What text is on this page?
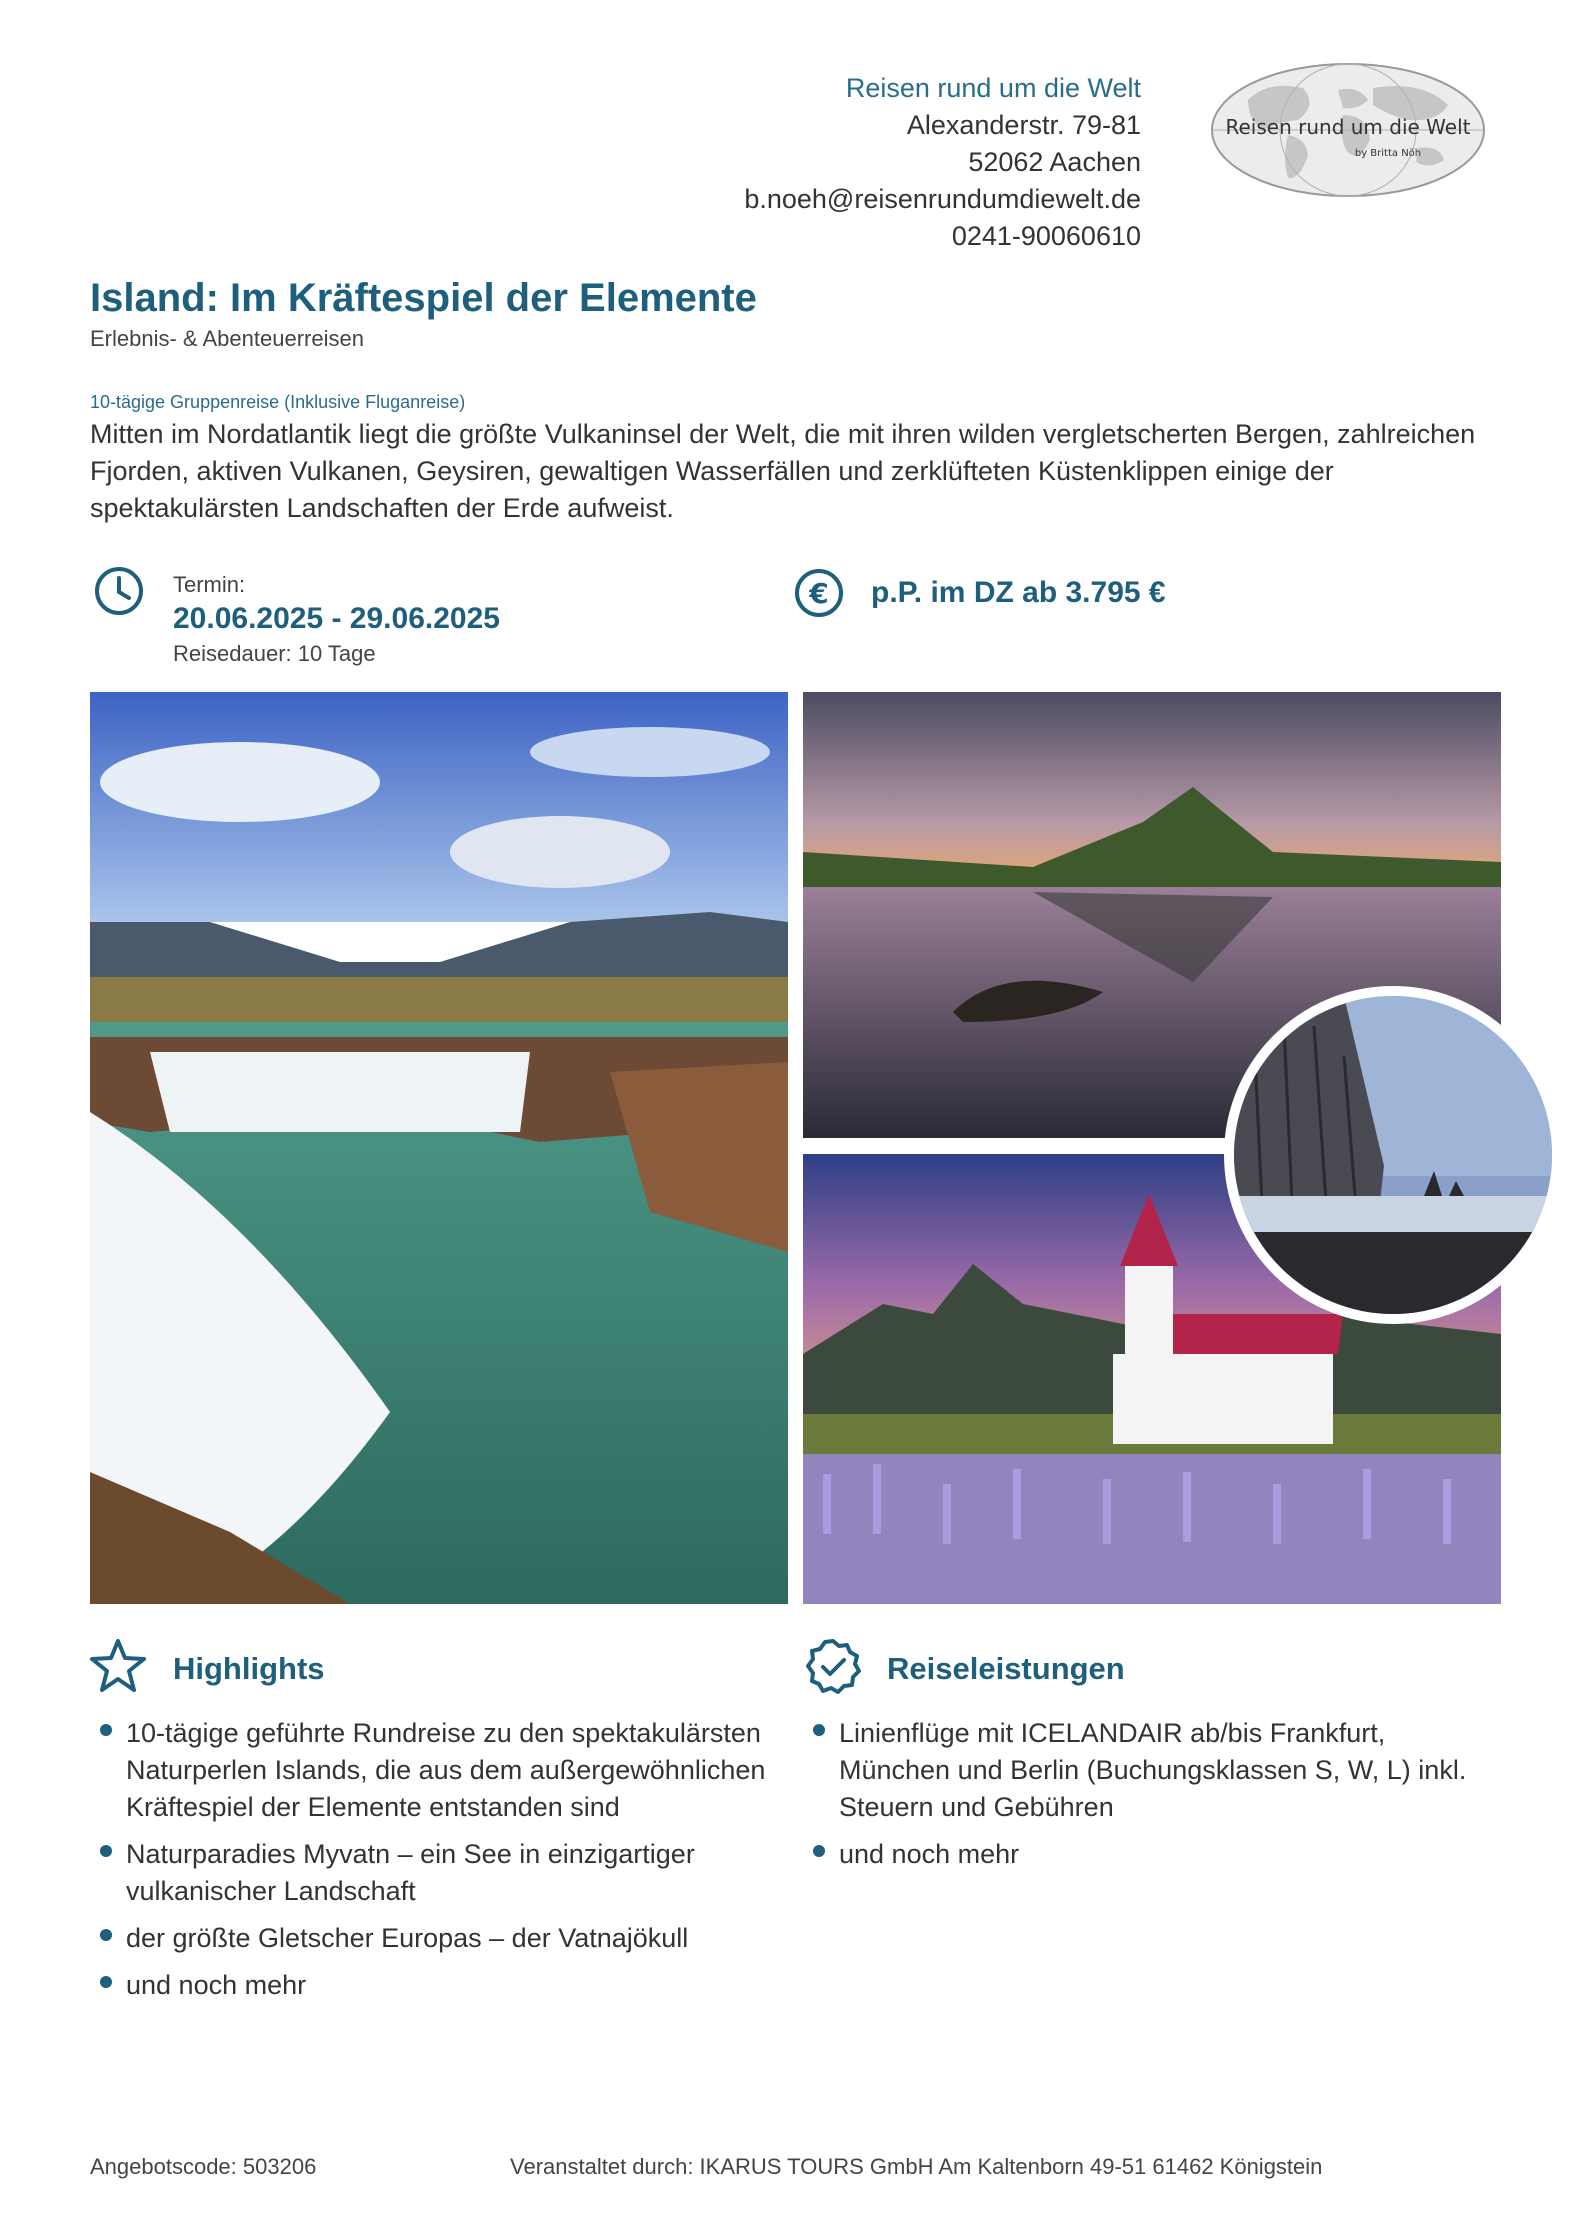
Reisen rund um die Welt
Alexanderstr. 79-81
52062 Aachen
b.noeh@reisenrundumdiewelt.de
0241-90060610
Reisen rund um die Welt
by Britta Nöh
Island: Im Kräftespiel der Elemente
Erlebnis- & Abenteuerreisen
10-tägige Gruppenreise (Inklusive Fluganreise)
Mitten im Nordatlantik liegt die größte Vulkaninsel der Welt, die mit ihren wilden vergletscherten Bergen, zahlreichen Fjorden, aktiven Vulkanen, Geysiren, gewaltigen Wasserfällen und zerklüfteten Küstenklippen einige der spektakulärsten Landschaften der Erde aufweist.
Termin:
20.06.2025 - 29.06.2025
Reisedauer: 10 Tage
€ p.P. im DZ ab 3.795 €
Highlights
10-tägige geführte Rundreise zu den spektakulärsten Naturperlen Islands, die aus dem außergewöhnlichen Kräftespiel der Elemente entstanden sind
Naturparadies Myvatn – ein See in einzigartiger vulkanischer Landschaft
der größte Gletscher Europas – der Vatnajökull
und noch mehr
Reiseleistungen
Linienflüge mit ICELANDAIR ab/bis Frankfurt, München und Berlin (Buchungsklassen S, W, L) inkl. Steuern und Gebühren
und noch mehr
Angebotscode: 503206	Veranstaltet durch: IKARUS TOURS GmbH Am Kaltenborn 49-51 61462 Königstein
